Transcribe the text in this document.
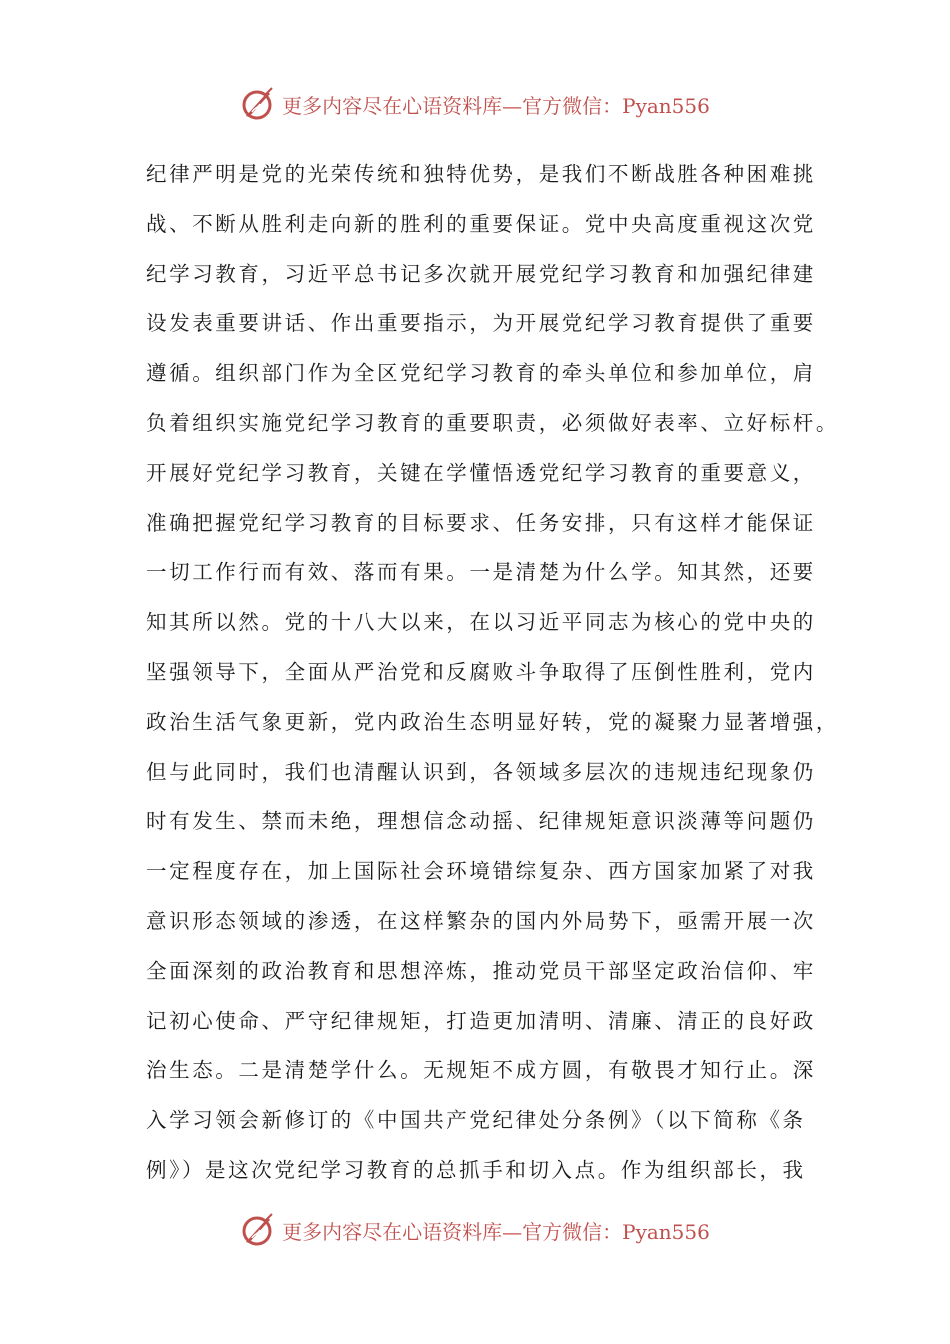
更多内容尽在心语资料库—官方微信：Pyan556
纪律严明是党的光荣传统和独特优势，是我们不断战胜各种困难挑
战、不断从胜利走向新的胜利的重要保证。党中央高度重视这次党
纪学习教育，习近平总书记多次就开展党纪学习教育和加强纪律建
设发表重要讲话、作出重要指示，为开展党纪学习教育提供了重要
遵循。组织部门作为全区党纪学习教育的牵头单位和参加单位，肩
负着组织实施党纪学习教育的重要职责，必须做好表率、立好标杆。
开展好党纪学习教育，关键在学懂悟透党纪学习教育的重要意义，
准确把握党纪学习教育的目标要求、任务安排，只有这样才能保证
一切工作行而有效、落而有果。一是清楚为什么学。知其然，还要
知其所以然。党的十八大以来，在以习近平同志为核心的党中央的
坚强领导下，全面从严治党和反腐败斗争取得了压倒性胜利，党内
政治生活气象更新，党内政治生态明显好转，党的凝聚力显著增强，
但与此同时，我们也清醒认识到，各领域多层次的违规违纪现象仍
时有发生、禁而未绝，理想信念动摇、纪律规矩意识淡薄等问题仍
一定程度存在，加上国际社会环境错综复杂、西方国家加紧了对我
意识形态领域的渗透，在这样繁杂的国内外局势下，亟需开展一次
全面深刻的政治教育和思想淬炼，推动党员干部坚定政治信仰、牢
记初心使命、严守纪律规矩，打造更加清明、清廉、清正的良好政
治生态。二是清楚学什么。无规矩不成方圆，有敬畏才知行止。深
入学习领会新修订的《中国共产党纪律处分条例》（以下简称《条
例》）是这次党纪学习教育的总抓手和切入点。作为组织部长，我
更多内容尽在心语资料库—官方微信：Pyan556
